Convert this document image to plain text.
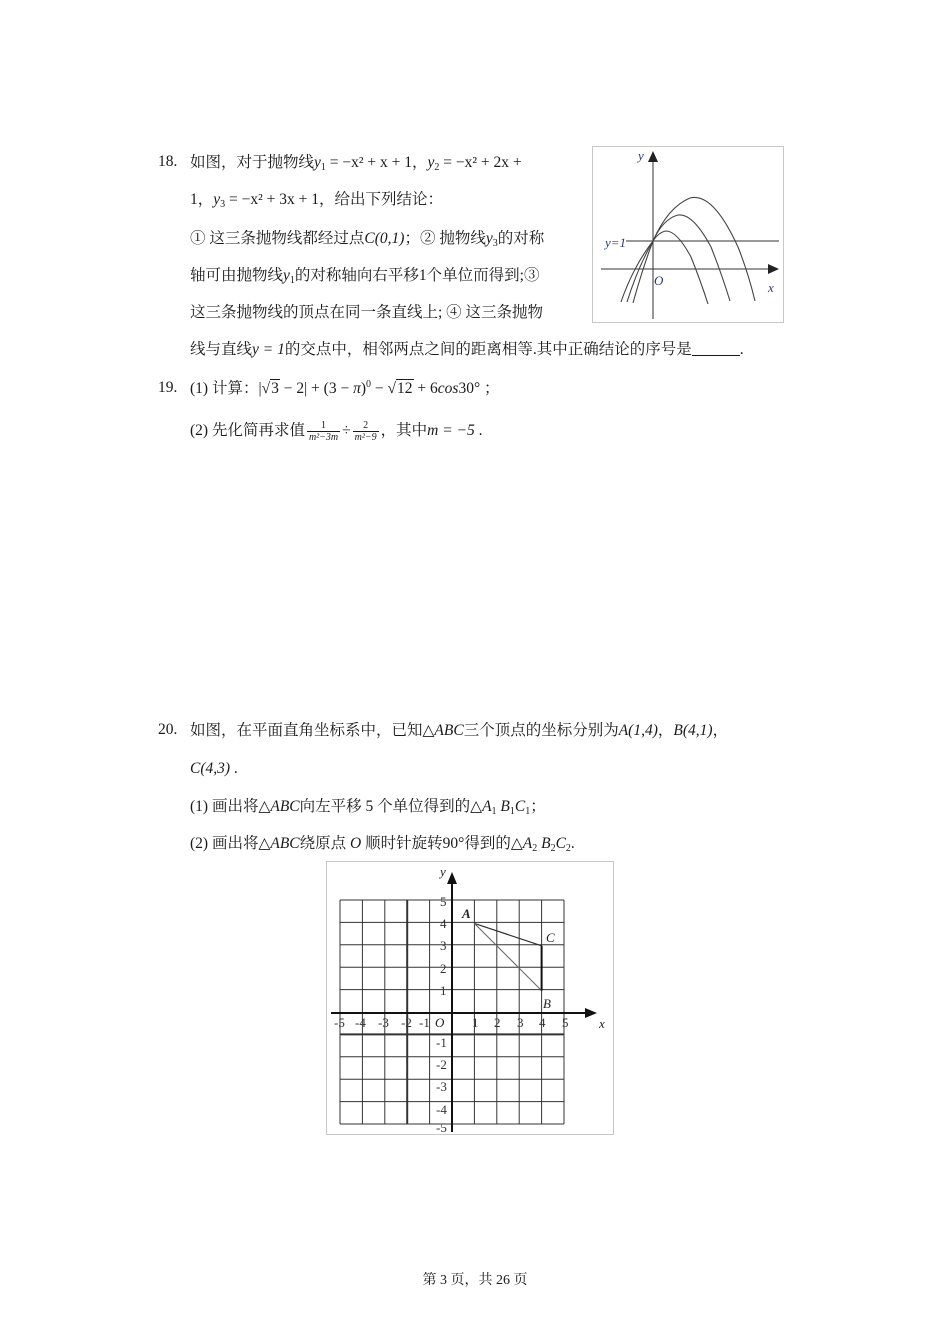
18. 如图，对于抛物线$y_1 = -x^2 + x + 1$，$y_2 = -x^2 + 2x$ +
1，$y_3 = -x^2 + 3x + 1$，给出下列结论：
① 这三条抛物线都经过点C(0,1)；② 抛物线$y_3$的对称
轴可由抛物线$y_1$的对称轴向右平移1个单位而得到;③
这三条抛物线的顶点在同一条直线上; ④ 这三条抛物
线与直线y = 1的交点中，相邻两点之间的距离相等.其中正确结论的序号是	.
y=1
y
x
O
19. (1) 计算：$|√3 - 2| + (3 - \pi)^0 - √12 + 6\cos 30^\circ$ ；
(2) 先化简再求值 $\frac{1}{\text{m²−3m}} \div \frac{2}{\text{m²−9}}$ ，其中m = −5 .
20. 如图，在平面直角坐标系中，已知△ABC三个顶点的坐标分别为A(1,4)，B(4,1)，
C(4,3) .
(1) 画出将△ABC向左平移 5 个单位得到的$\triangle A_1$ $B_1C_1$；
(2) 画出将△ABC绕原点 O 顺时针旋转90°得到的$\triangle A_2$ $B_2C_2$.
y
x
O
A
C
B
-5 -4 -3 -2 -1	1 2 3 4 5
5
4
3
2
1
-1
-2
-3
-4
-5
第 3 页，共 26 页
